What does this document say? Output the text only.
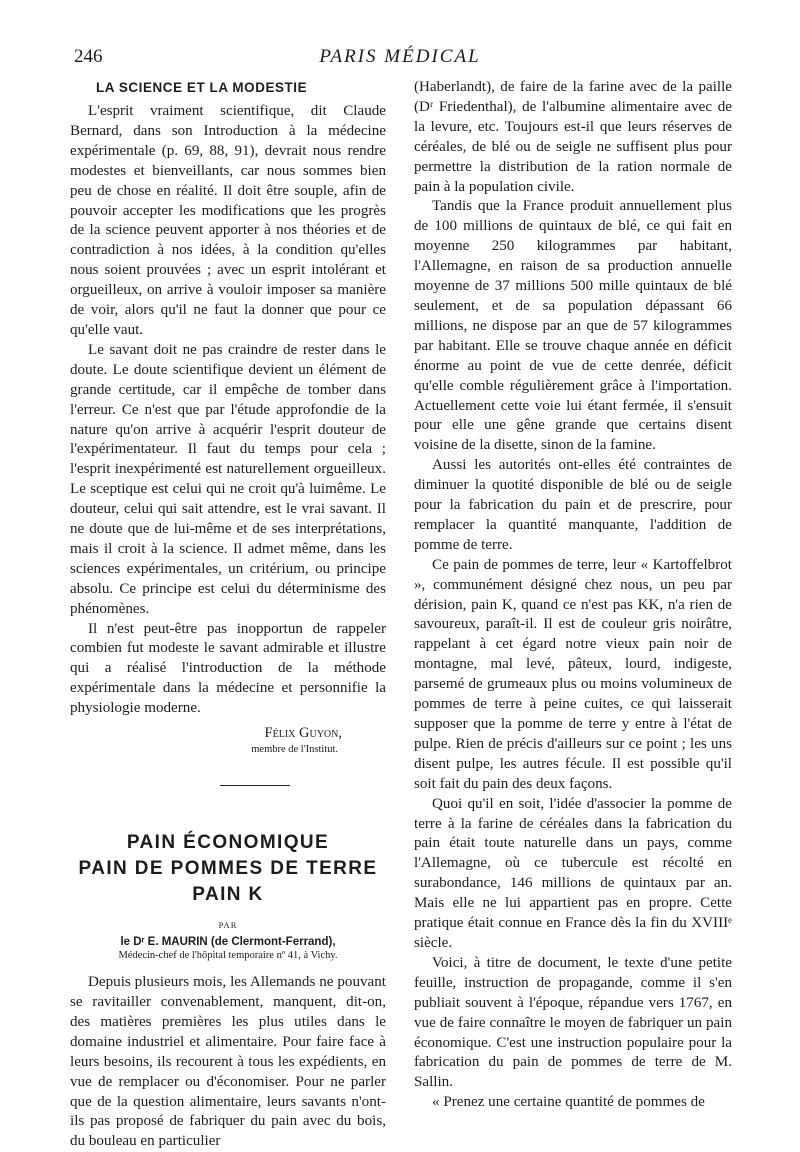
246	PARIS MÉDICAL
LA SCIENCE ET LA MODESTIE

L'esprit vraiment scientifique, dit Claude Bernard, dans son Introduction à la médecine expérimentale (p. 69, 88, 91), devrait nous rendre modestes et bienveillants, car nous sommes bien peu de chose en réalité. Il doit être souple, afin de pouvoir accepter les modifications que les progrès de la science peuvent apporter à nos théories et de contradiction à nos idées, à la condition qu'elles nous soient prouvées ; avec un esprit intolérant et orgueilleux, on arrive à vouloir imposer sa manière de voir, alors qu'il ne faut la donner que pour ce qu'elle vaut.

Le savant doit ne pas craindre de rester dans le doute. Le doute scientifique devient un élément de grande certitude, car il empêche de tomber dans l'erreur. Ce n'est que par l'étude approfondie de la nature qu'on arrive à acquérir l'esprit douteur de l'expérimentateur. Il faut du temps pour cela ; l'esprit inexpérimenté est naturellement orgueilleux. Le sceptique est celui qui ne croit qu'à luimême. Le douteur, celui qui sait attendre, est le vrai savant. Il ne doute que de lui-même et de ses interprétations, mais il croit à la science. Il admet même, dans les sciences expérimentales, un critérium, ou principe absolu. Ce principe est celui du déterminisme des phénomènes.

Il n'est peut-être pas inopportun de rappeler combien fut modeste le savant admirable et illustre qui a réalisé l'introduction de la méthode expérimentale dans la médecine et personnifie la physiologie moderne.

Félix Guyon,
membre de l'Institut.
PAIN ÉCONOMIQUE
PAIN DE POMMES DE TERRE
PAIN K
PAR
le Dʳ E. MAURIN (de Clermont-Ferrand),
Médecin-chef de l'hôpital temporaire nº 41, à Vichy.

Depuis plusieurs mois, les Allemands ne pouvant se ravitailler convenablement, manquent, dit-on, des matières premières les plus utiles dans le domaine industriel et alimentaire. Pour faire face à leurs besoins, ils recourent à tous les expédients, en vue de remplacer ou d'économiser. Pour ne parler que de la question alimentaire, leurs savants n'ont-ils pas proposé de fabriquer du pain avec du bois, du bouleau en particulier

(Haberlandt), de faire de la farine avec de la paille (Dʳ Friedenthal), de l'albumine alimentaire avec de la levure, etc. Toujours est-il que leurs réserves de céréales, de blé ou de seigle ne suffisent plus pour permettre la distribution de la ration normale de pain à la population civile.

Tandis que la France produit annuellement plus de 100 millions de quintaux de blé, ce qui fait en moyenne 250 kilogrammes par habitant, l'Allemagne, en raison de sa production annuelle moyenne de 37 millions 500 mille quintaux de blé seulement, et de sa population dépassant 66 millions, ne dispose par an que de 57 kilogrammes par habitant. Elle se trouve chaque année en déficit énorme au point de vue de cette denrée, déficit qu'elle comble régulièrement grâce à l'importation. Actuellement cette voie lui étant fermée, il s'ensuit pour elle une gêne grande que certains disent voisine de la disette, sinon de la famine.

Aussi les autorités ont-elles été contraintes de diminuer la quotité disponible de blé ou de seigle pour la fabrication du pain et de prescrire, pour remplacer la quantité manquante, l'addition de pomme de terre.

Ce pain de pommes de terre, leur « Kartoffelbrot », communément désigné chez nous, un peu par dérision, pain K, quand ce n'est pas KK, n'a rien de savoureux, paraît-il. Il est de couleur gris noirâtre, rappelant à cet égard notre vieux pain noir de montagne, mal levé, pâteux, lourd, indigeste, parsemé de grumeaux plus ou moins volumineux de pommes de terre à peine cuites, ce qui laisserait supposer que la pomme de terre y entre à l'état de pulpe. Rien de précis d'ailleurs sur ce point ; les uns disent pulpe, les autres fécule. Il est possible qu'il soit fait du pain des deux façons.

Quoi qu'il en soit, l'idée d'associer la pomme de terre à la farine de céréales dans la fabrication du pain était toute naturelle dans un pays, comme l'Allemagne, où ce tubercule est récolté en surabondance, 146 millions de quintaux par an. Mais elle ne lui appartient pas en propre. Cette pratique était connue en France dès la fin du XVIIIᵉ siècle.

Voici, à titre de document, le texte d'une petite feuille, instruction de propagande, comme il s'en publiait souvent à l'époque, répandue vers 1767, en vue de faire connaître le moyen de fabriquer un pain économique. C'est une instruction populaire pour la fabrication du pain de pommes de terre de M. Sallin.

« Prenez une certaine quantité de pommes de
